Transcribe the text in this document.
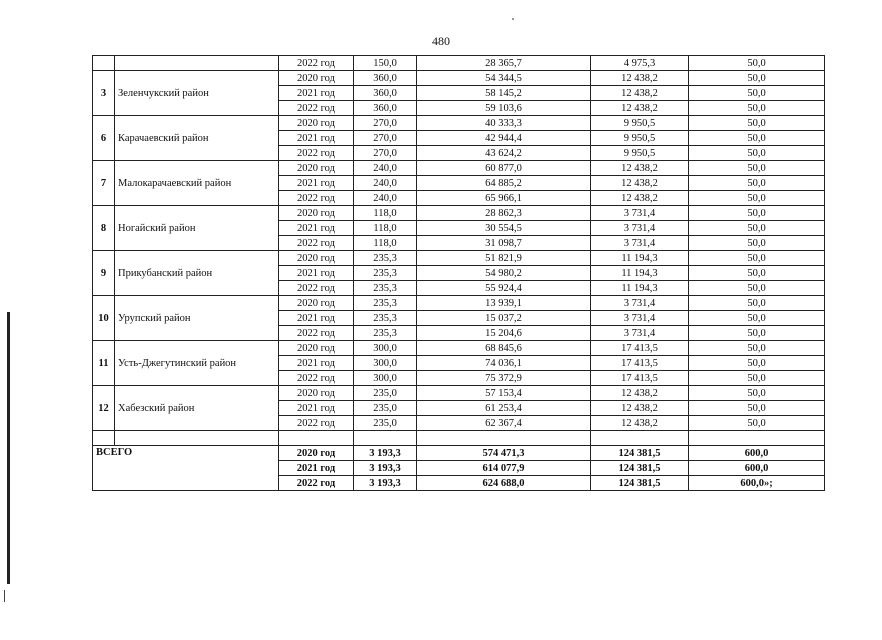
480
		2022 год	150,0	28 365,7	4 975,3	50,0
3	Зеленчукский район	2020 год	360,0	54 344,5	12 438,2	50,0
		2021 год	360,0	58 145,2	12 438,2	50,0
		2022 год	360,0	59 103,6	12 438,2	50,0
6	Карачаевский район	2020 год	270,0	40 333,3	9 950,5	50,0
		2021 год	270,0	42 944,4	9 950,5	50,0
		2022 год	270,0	43 624,2	9 950,5	50,0
7	Малокарачаевский район	2020 год	240,0	60 877,0	12 438,2	50,0
		2021 год	240,0	64 885,2	12 438,2	50,0
		2022 год	240,0	65 966,1	12 438,2	50,0
8	Ногайский район	2020 год	118,0	28 862,3	3 731,4	50,0
		2021 год	118,0	30 554,5	3 731,4	50,0
		2022 год	118,0	31 098,7	3 731,4	50,0
9	Прикубанский район	2020 год	235,3	51 821,9	11 194,3	50,0
		2021 год	235,3	54 980,2	11 194,3	50,0
		2022 год	235,3	55 924,4	11 194,3	50,0
10	Урупский район	2020 год	235,3	13 939,1	3 731,4	50,0
		2021 год	235,3	15 037,2	3 731,4	50,0
		2022 год	235,3	15 204,6	3 731,4	50,0
11	Усть-Джегутинский район	2020 год	300,0	68 845,6	17 413,5	50,0
		2021 год	300,0	74 036,1	17 413,5	50,0
		2022 год	300,0	75 372,9	17 413,5	50,0
12	Хабезский район	2020 год	235,0	57 153,4	12 438,2	50,0
		2021 год	235,0	61 253,4	12 438,2	50,0
		2022 год	235,0	62 367,4	12 438,2	50,0

ВСЕГО		2020 год	3 193,3	574 471,3	124 381,5	600,0
		2021 год	3 193,3	614 077,9	124 381,5	600,0
		2022 год	3 193,3	624 688,0	124 381,5	600,0»;
